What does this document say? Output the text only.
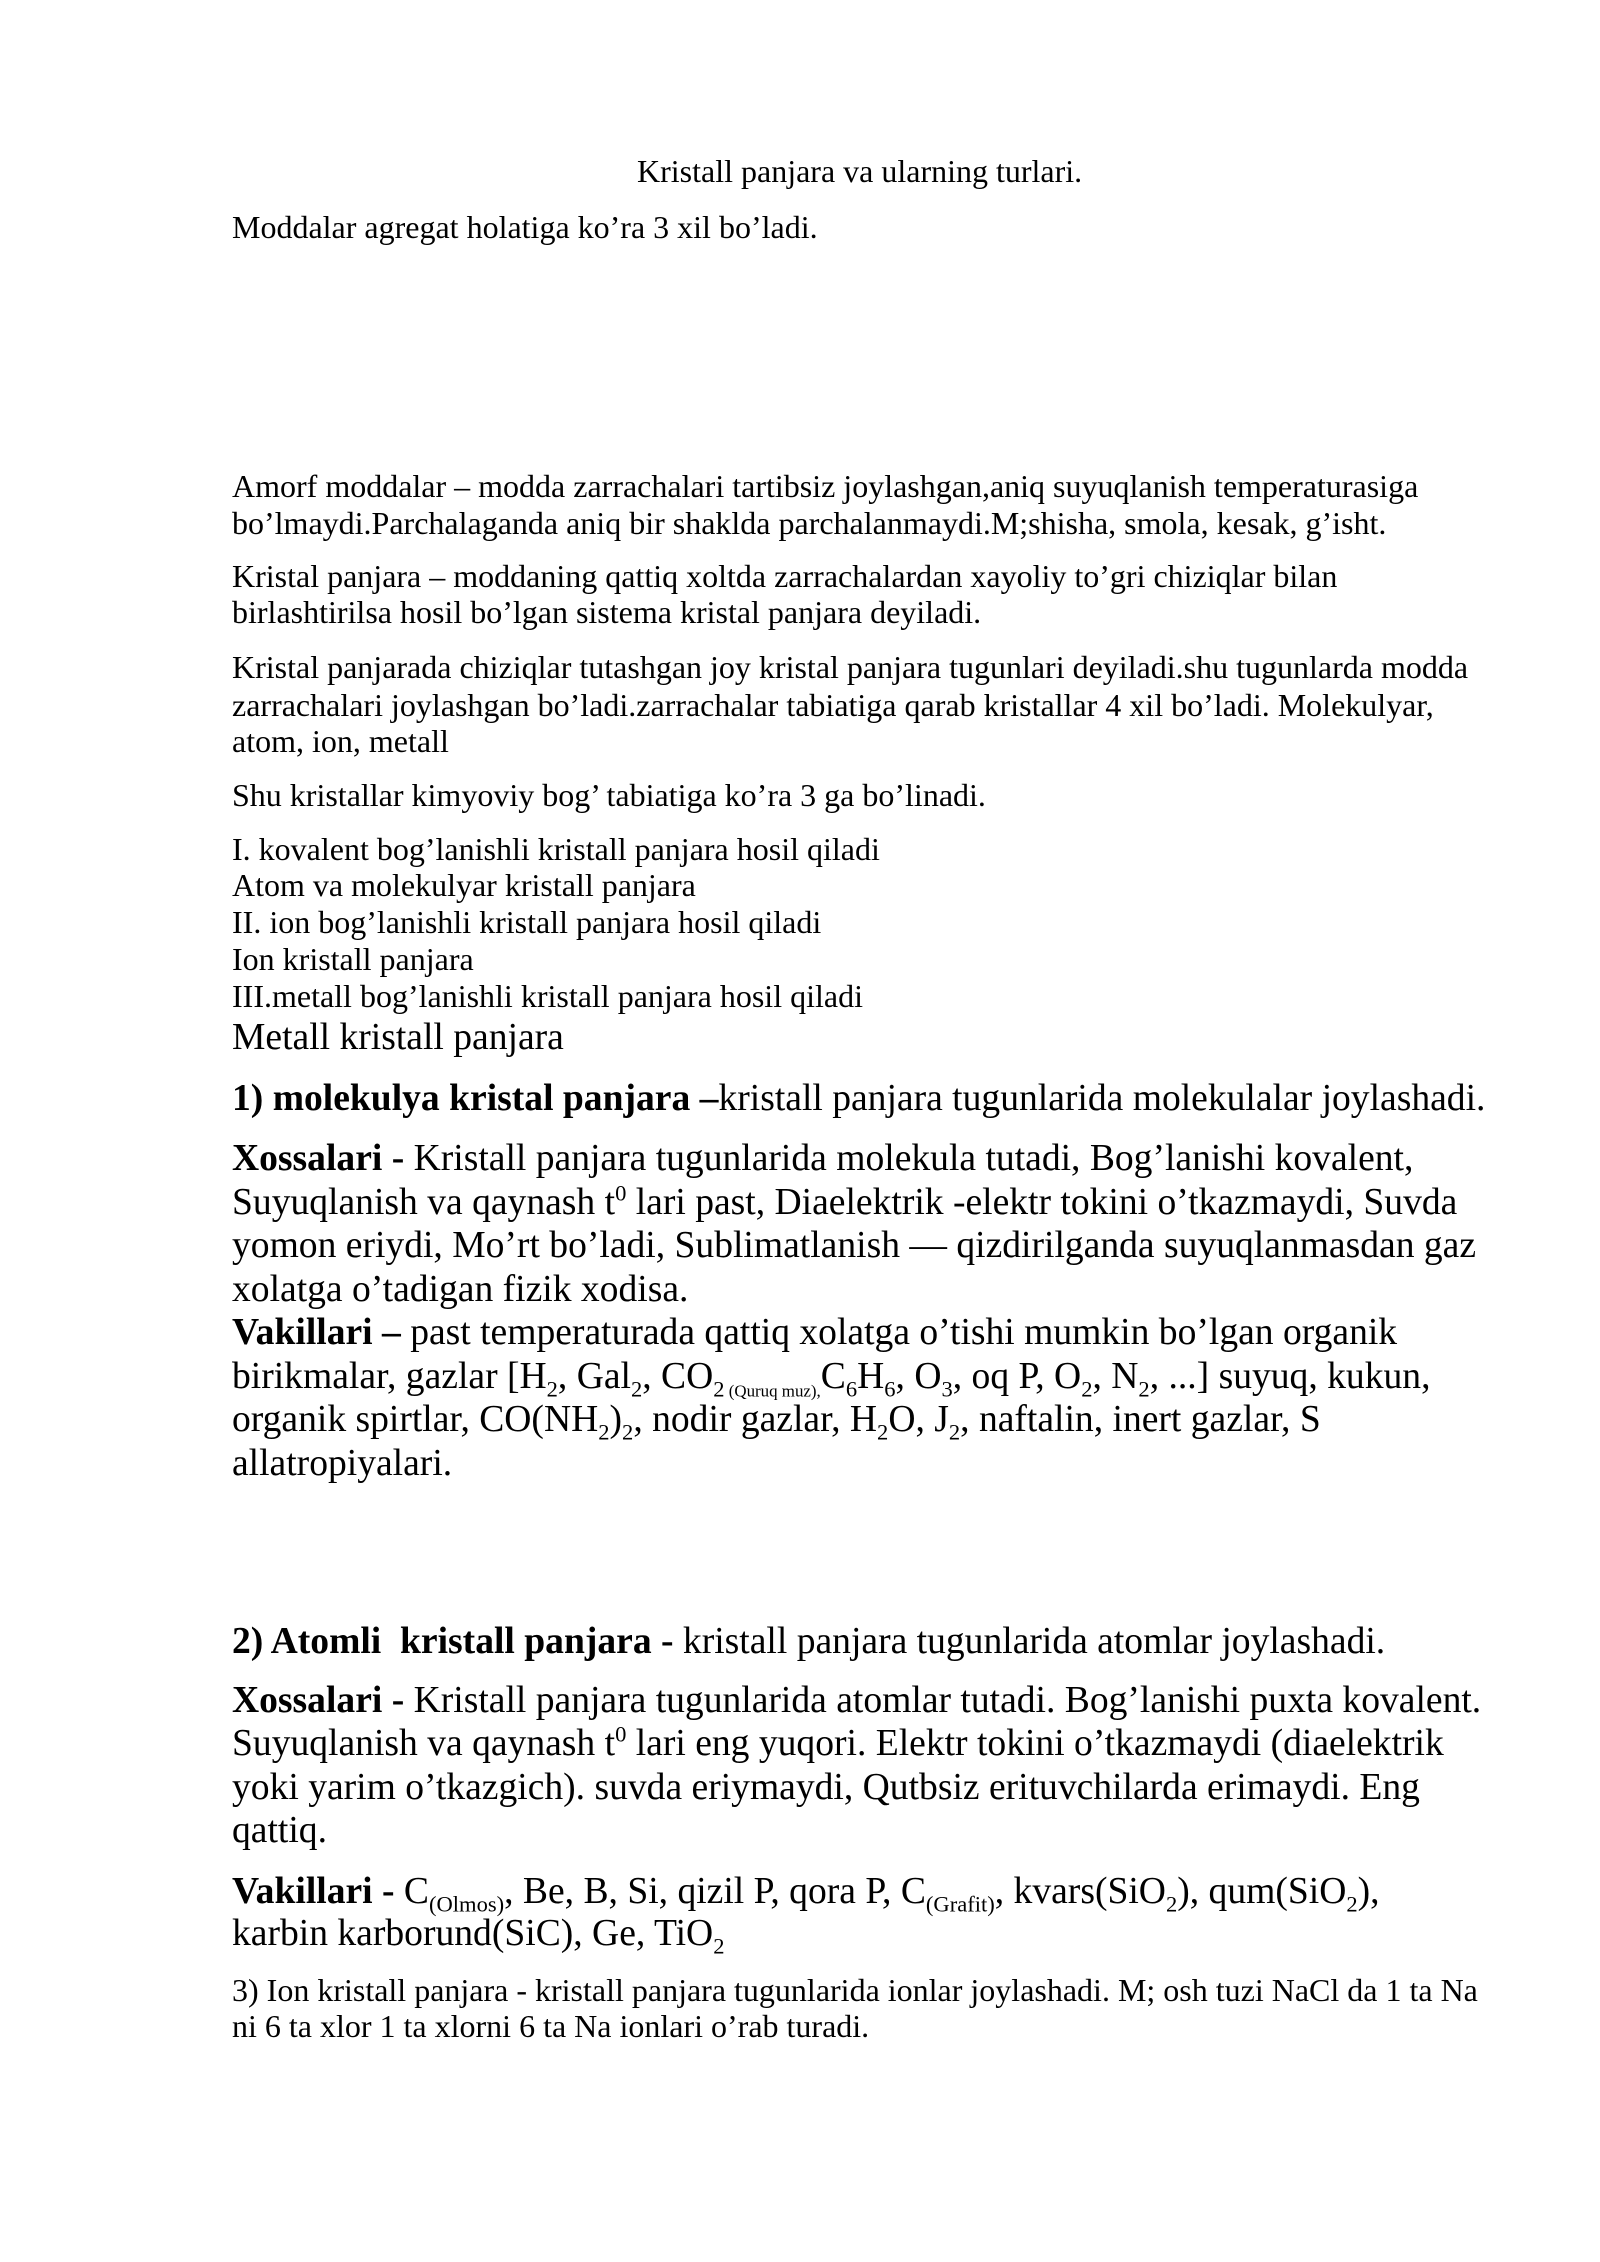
Kristall panjara va ularning turlari.
Moddalar agregat holatiga ko’ra 3 xil bo’ladi.
Amorf moddalar – modda zarrachalari tartibsiz joylashgan,aniq suyuqlanish temperaturasiga
bo’lmaydi.Parchalaganda aniq bir shaklda parchalanmaydi.M;shisha, smola, kesak, g’isht.
Kristal panjara – moddaning qattiq xoltda zarrachalardan xayoliy to’gri chiziqlar bilan
birlashtirilsa hosil bo’lgan sistema kristal panjara deyiladi.
Kristal panjarada chiziqlar tutashgan joy kristal panjara tugunlari deyiladi.shu tugunlarda modda
zarrachalari joylashgan bo’ladi.zarrachalar tabiatiga qarab kristallar 4 xil bo’ladi. Molekulyar,
atom, ion, metall
Shu kristallar kimyoviy bog’ tabiatiga ko’ra 3 ga bo’linadi.
I. kovalent bog’lanishli kristall panjara hosil qiladi
Atom va molekulyar kristall panjara
II. ion bog’lanishli kristall panjara hosil qiladi
Ion kristall panjara
III.metall bog’lanishli kristall panjara hosil qiladi
Metall kristall panjara
1) molekulya kristal panjara –kristall panjara tugunlarida molekulalar joylashadi.
Xossalari - Kristall panjara tugunlarida molekula tutadi, Bog’lanishi kovalent,
Suyuqlanish va qaynash $t^0$ lari past, Diaelektrik -elektr tokini o’tkazmaydi, Suvda
yomon eriydi, Mo’rt bo’ladi, Sublimatlanish — qizdirilganda suyuqlanmasdan gaz
xolatga o’tadigan fizik xodisa.
Vakillari – past temperaturada qattiq xolatga o’tishi mumkin bo’lgan organik
birikmalar, gazlar [$H_2$, Gal$_2$, $CO_2$ $_{(Quruq muz),}C_6H_6$, $O_3$, oq P, $O_2$, $N_2$, ...] suyuq, kukun,
organik spirtlar, $CO(NH_2)_2$, nodir gazlar, $H_2O$, $J_2$, naftalin, inert gazlar, S
allatropiyalari.
2) Atomli  kristall panjara - kristall panjara tugunlarida atomlar joylashadi.
Xossalari - Kristall panjara tugunlarida atomlar tutadi. Bog’lanishi puxta kovalent.
Suyuqlanish va qaynash $t^0$ lari eng yuqori. Elektr tokini o’tkazmaydi (diaelektrik
yoki yarim o’tkazgich). suvda eriymaydi, Qutbsiz erituvchilarda erimaydi. Eng
qattiq.
Vakillari - $C_{(Olmos)}$, Be, B, Si, qizil P, qora P, $C_{(Grafit)}$, kvars(SiO$_2$), qum(SiO$_2$),
karbin karborund(SiC), Ge, TiO$_2$
3) Ion kristall panjara - kristall panjara tugunlarida ionlar joylashadi. M; osh tuzi NaCl da 1 ta Na
ni 6 ta xlor 1 ta xlorni 6 ta Na ionlari o’rab turadi.
